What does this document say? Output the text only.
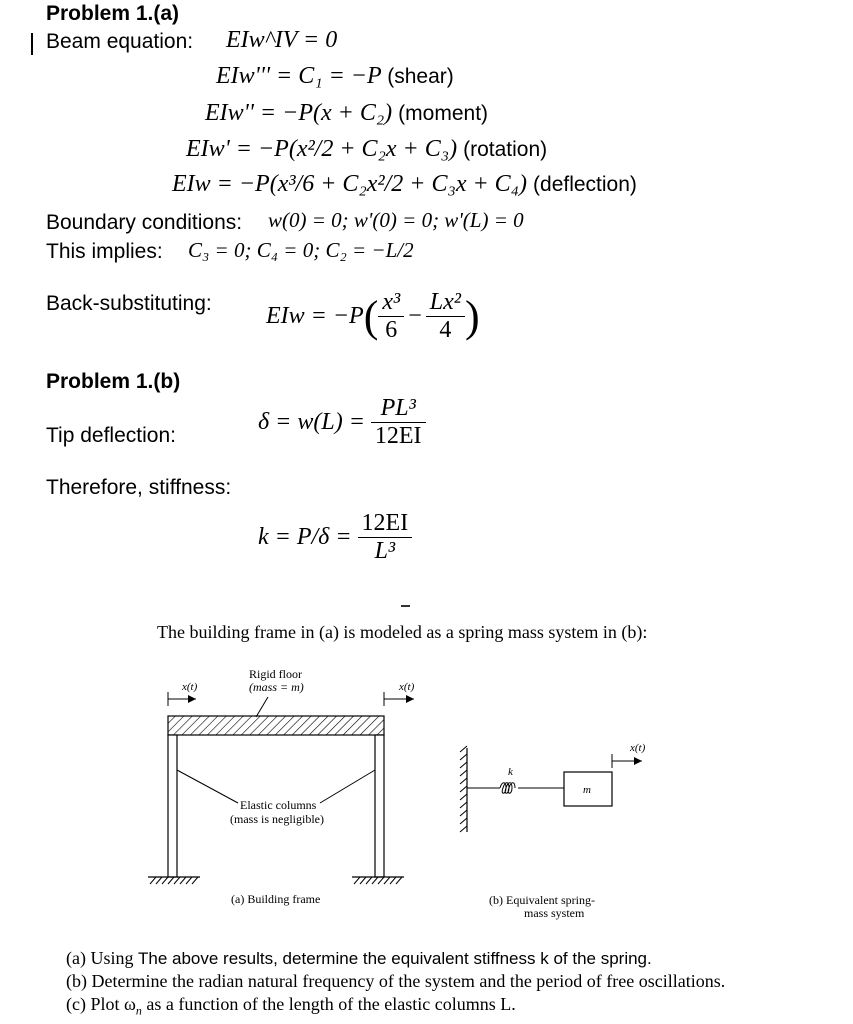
Problem 1.(a)
Beam equation: EIw^IV = 0
EIw''' = C₁ = −P (shear)
EIw'' = −P(x + C₂) (moment)
EIw' = −P(x²/2 + C₂x + C₃) (rotation)
EIw = −P(x³/6 + C₂x²/2 + C₃x + C₄) (deflection)
Boundary conditions: w(0) = 0; w'(0) = 0; w'(L) = 0
This implies: C₃ = 0; C₄ = 0; C₂ = −L/2
Back-substituting: EIw = $-P( \frac{\text{x³}}{6} - \frac{\text{Lx²}}{4}$ )
Problem 1.(b)
Tip deflection:
$\delta = w(L) = \frac{\text{PL³}}{12EI}$
Therefore, stiffness:
$k = P/\delta = \frac{12EI}{\text{L³}}$
The building frame in (a) is modeled as a spring mass system in (b):
Rigid floor
(mass = m)
x(t)	x(t)
Elastic columns
(mass is negligible)
(a) Building frame
k
m
x(t)
(b) Equivalent spring-
mass system
(a) Using The above results, determine the equivalent stiffness k of the spring.
(b) Determine the radian natural frequency of the system and the period of free oscillations.
(c) Plot $\omega_n$ as a function of the length of the elastic columns L.
